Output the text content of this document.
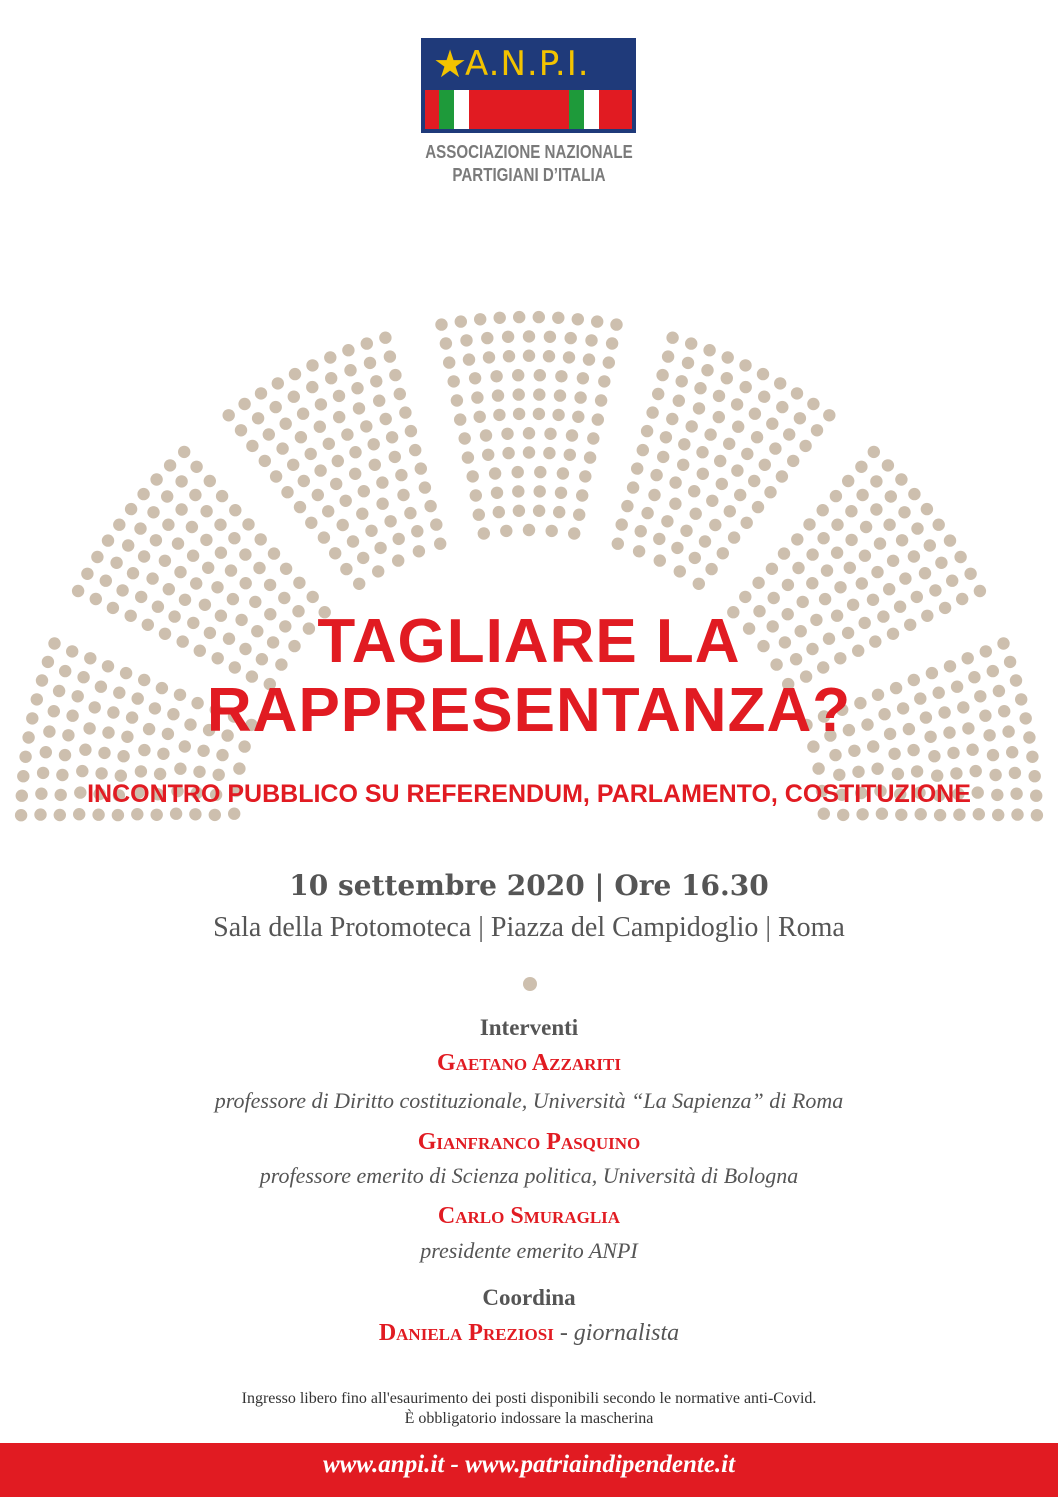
★
A.N.P.I.
ASSOCIAZIONE NAZIONALE
PARTIGIANI D’ITALIA
TAGLIARE LA
RAPPRESENTANZA?
INCONTRO PUBBLICO SU REFERENDUM, PARLAMENTO, COSTITUZIONE
10 settembre 2020 | Ore 16.30
Sala della Protomoteca | Piazza del Campidoglio | Roma
Interventi
Gaetano Azzariti
professore di Diritto costituzionale, Università “La Sapienza” di Roma
Gianfranco Pasquino
professore emerito di Scienza politica, Università di Bologna
Carlo Smuraglia
presidente emerito ANPI
Coordina
Daniela Preziosi - giornalista
Ingresso libero fino all'esaurimento dei posti disponibili secondo le normative anti-Covid.
È obbligatorio indossare la mascherina
www.anpi.it - www.patriaindipendente.it
